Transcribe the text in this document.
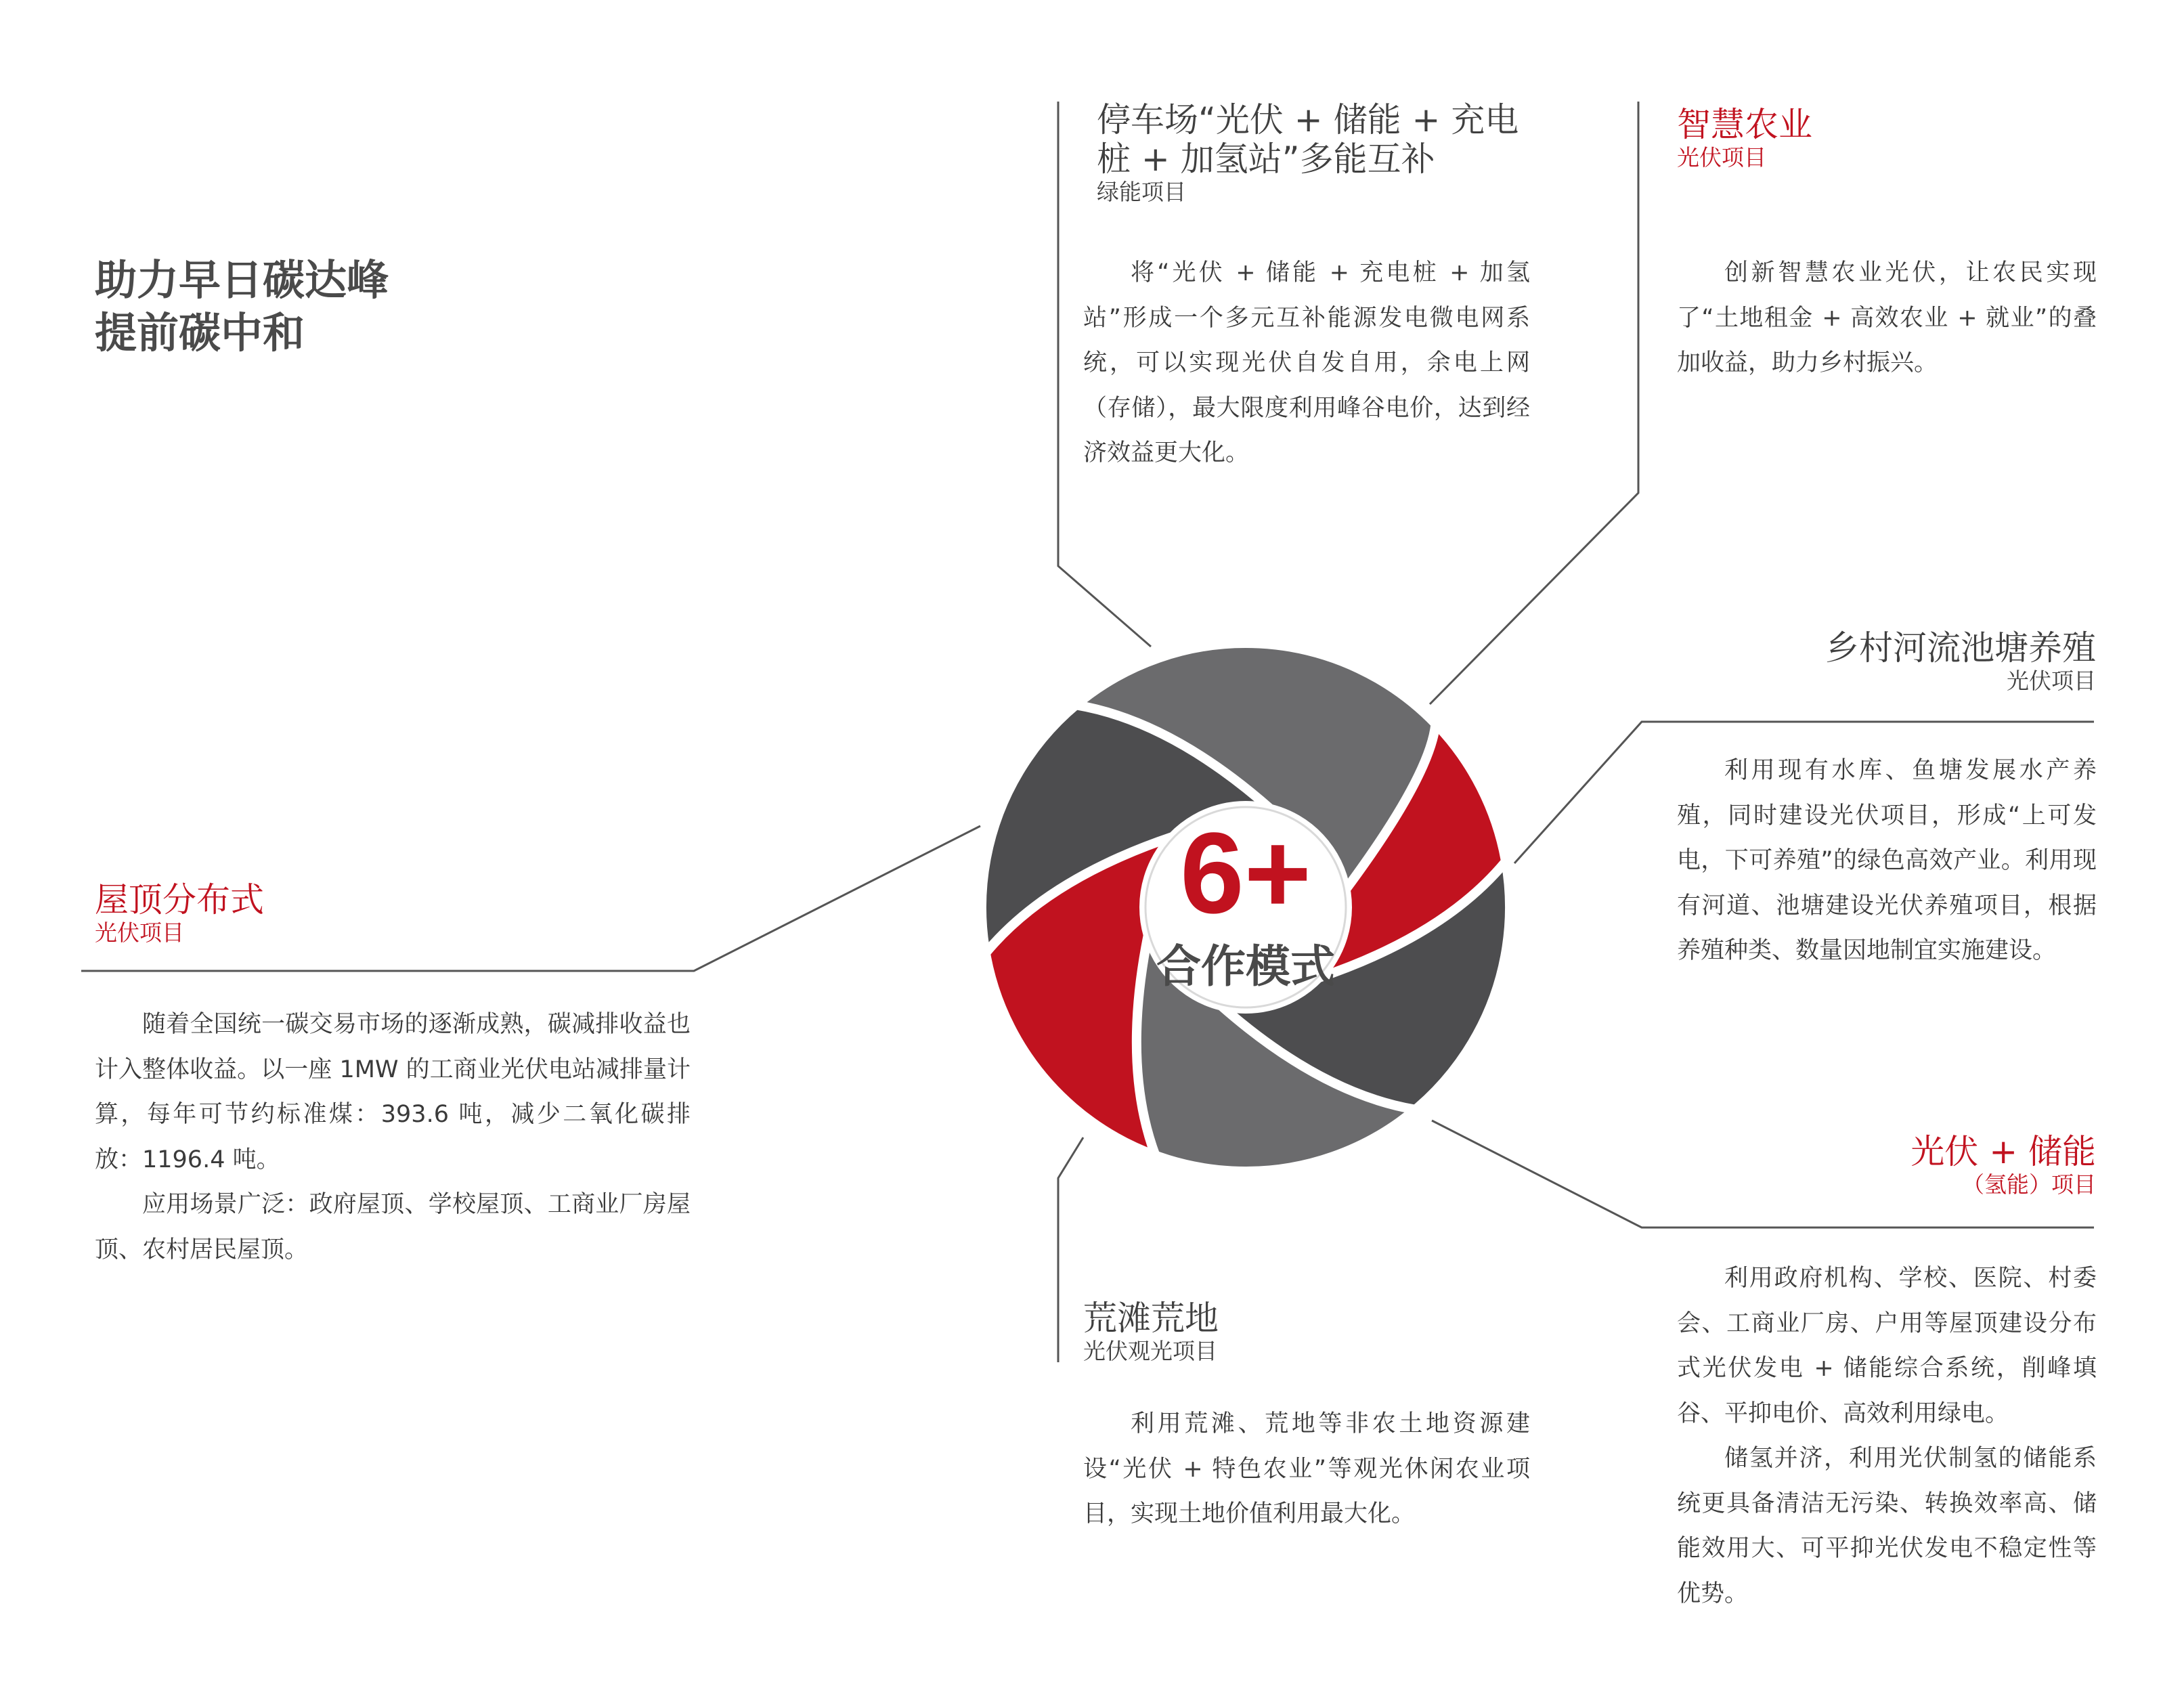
助力早日碳达峰
提前碳中和
6+
合作模式
停车场“光伏 + 储能 + 充电
桩 + 加氢站”多能互补
绿能项目

将“光伏 + 储能 + 充电桩 + 加氢站”形成一个多元互补能源发电微电网系统，可以实现光伏自发自用，余电上网（存储），最大限度利用峰谷电价，达到经济效益更大化。

智慧农业
光伏项目

创新智慧农业光伏，让农民实现了“土地租金 + 高效农业 + 就业”的叠加收益，助力乡村振兴。

乡村河流池塘养殖
光伏项目

利用现有水库、鱼塘发展水产养殖，同时建设光伏项目，形成“上可发电，下可养殖”的绿色高效产业。利用现有河道、池塘建设光伏养殖项目，根据养殖种类、数量因地制宜实施建设。

屋顶分布式
光伏项目

随着全国统一碳交易市场的逐渐成熟，碳减排收益也计入整体收益。以一座 1MW 的工商业光伏电站减排量计算，每年可节约标准煤：393.6 吨，减少二氧化碳排放：1196.4 吨。

应用场景广泛：政府屋顶、学校屋顶、工商业厂房屋顶、农村居民屋顶。

光伏 + 储能
（氢能）项目

利用政府机构、学校、医院、村委会、工商业厂房、户用等屋顶建设分布式光伏发电 + 储能综合系统，削峰填谷、平抑电价、高效利用绿电。

储氢并济，利用光伏制氢的储能系统更具备清洁无污染、转换效率高、储能效用大、可平抑光伏发电不稳定性等优势。

荒滩荒地
光伏观光项目

利用荒滩、荒地等非农土地资源建设“光伏 + 特色农业”等观光休闲农业项目，实现土地价值利用最大化。
